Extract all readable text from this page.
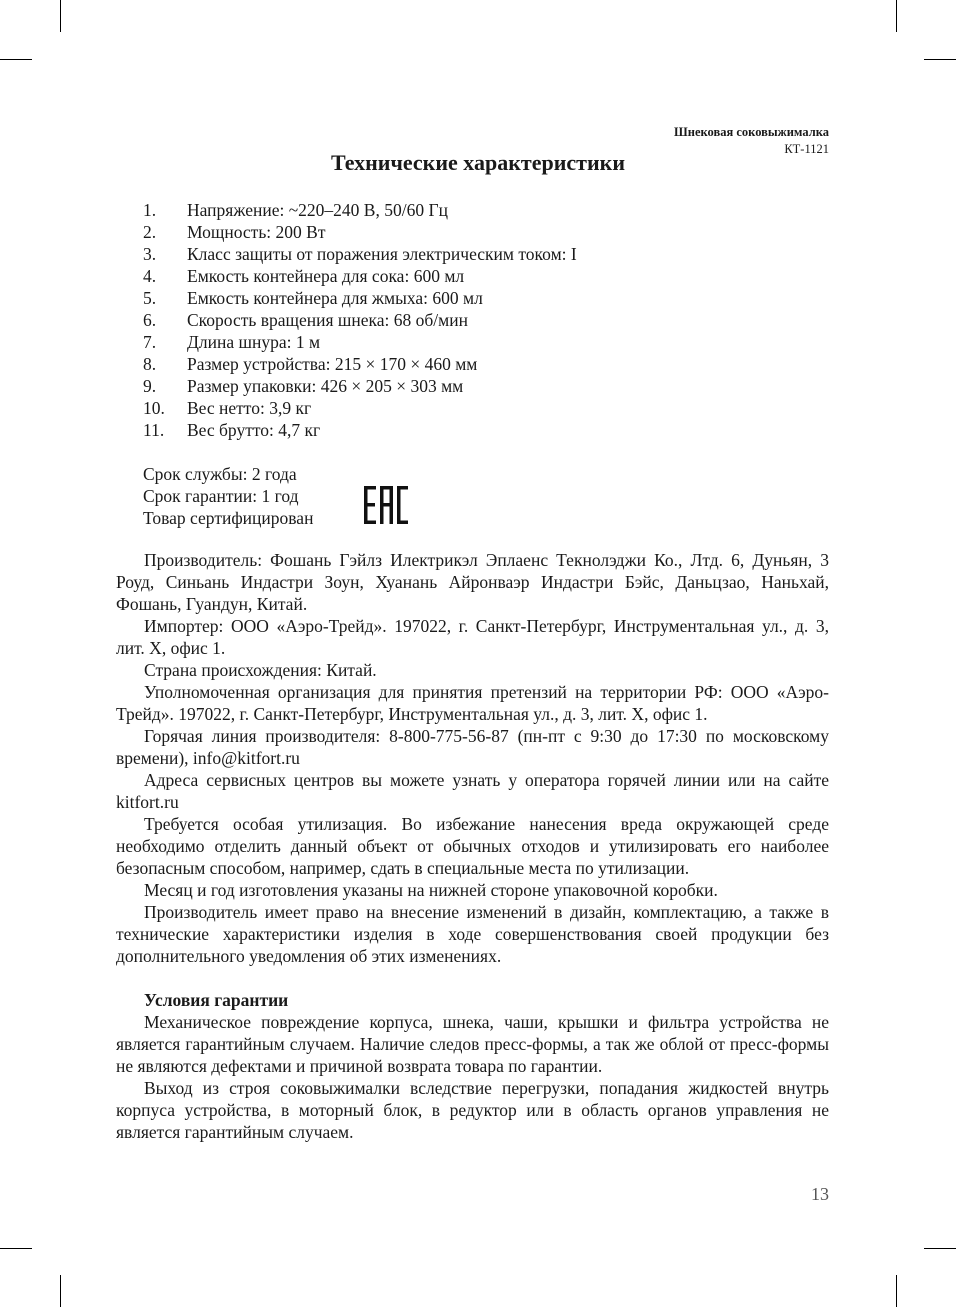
Шнековая соковыжималка
КТ-1121
Технические характеристики
1.	Напряжение: ~220–240 В, 50/60 Гц
2.	Мощность: 200 Вт
3.	Класс защиты от поражения электрическим током: I
4.	Емкость контейнера для сока: 600 мл
5.	Емкость контейнера для жмыха: 600 мл
6.	Скорость вращения шнека: 68 об/мин
7.	Длина шнура: 1 м
8.	Размер устройства: 215 × 170 × 460 мм
9.	Размер упаковки: 426 × 205 × 303 мм
10.	Вес нетто: 3,9 кг
11.	Вес брутто: 4,7 кг
Срок службы: 2 года
Срок гарантии: 1 год
Товар сертифицирован

Производитель: Фошань Гэйлз Илектрикэл Эплаенс Текнолэджи Ко., Лтд. 6, Дуньян, 3 Роуд, Синьань Индастри Зоун, Хуанань Айронваэр Индастри Бэйс, Даньцзао, Наньхай, Фошань, Гуандун, Китай.

Импортер: ООО «Аэро-Трейд». 197022, г. Санкт-Петербург, Инструментальная ул., д. 3, лит. Х, офис 1.

Страна происхождения: Китай.

Уполномоченная организация для принятия претензий на территории РФ: ООО «Аэро-Трейд». 197022, г. Санкт-Петербург, Инструментальная ул., д. 3, лит. Х, офис 1.

Горячая линия производителя: 8-800-775-56-87 (пн-пт с 9:30 до 17:30 по московскому времени), info@kitfort.ru

Адреса сервисных центров вы можете узнать у оператора горячей линии или на сайте kitfort.ru

Требуется особая утилизация. Во избежание нанесения вреда окружающей среде необходимо отделить данный объект от обычных отходов и утилизировать его наиболее безопасным способом, например, сдать в специальные места по утилизации.

Месяц и год изготовления указаны на нижней стороне упаковочной коробки.

Производитель имеет право на внесение изменений в дизайн, комплектацию, а также в технические характеристики изделия в ходе совершенствования своей продукции без дополнительного уведомления об этих изменениях.

Условия гарантии

Механическое повреждение корпуса, шнека, чаши, крышки и фильтра устройства не является гарантийным случаем. Наличие следов пресс-формы, а так же облой от пресс-формы не являются дефектами и причиной возврата товара по гарантии.

Выход из строя соковыжималки вследствие перегрузки, попадания жидкостей внутрь корпуса устройства, в моторный блок, в редуктор или в область органов управления не является гарантийным случаем.

13
